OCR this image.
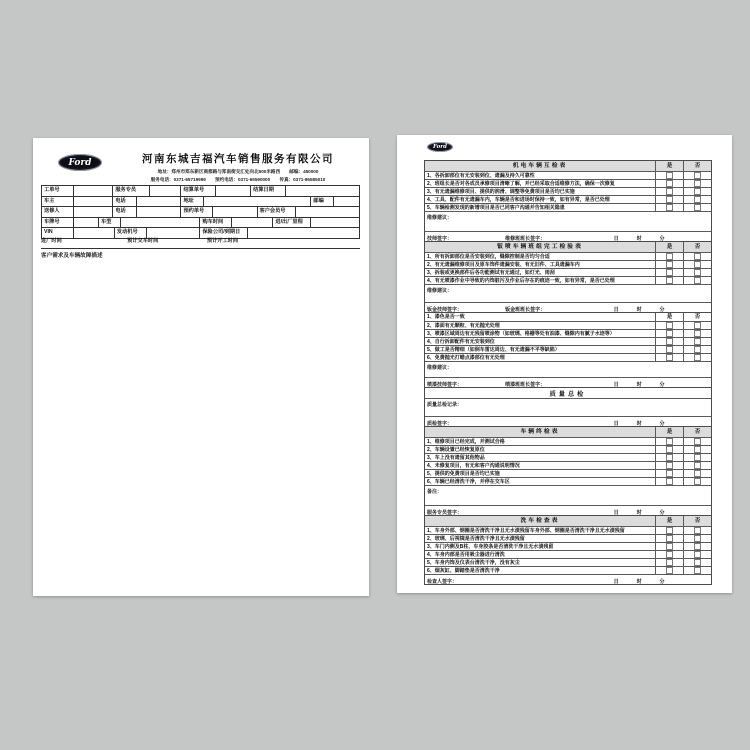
Ford	河南东城吉福汽车销售服务有限公司
地址：郑州市郑东新区商都路与郑南街交汇处向北500米路西　　邮编：450000
服务电话：0371-65719999　　预约电话：0371-65590000　　传真：0371-86585010
工单号	服务专员	结算单号	结算日期
车主	电话	地址	邮编
送修人	电话	预约单号	客户会员号
车牌号	车型	购车时间	进/出厂里程
VIN	发动机号	保险公司/到期日
进厂时间	预计交车时间	预计开工时间
客户需求及车辆故障描述
Ford
机电车辆互检表	是	否
1、各拆卸部位有无安装到位、遗漏及持久可靠性
2、班组长是否对各成员承修项目清晰了解，并已经采取合适维修方法，确保一次修复
3、有无遗漏维修项目、提供的润滑、调整等免费项目是否均已实施
4、工具、配件有无遗漏车内，车辆是否和进场时保持一致，如有异常，是否已处理
5、车辆检测发现的新增项目是否已同客户沟通并告知相关隐患
维修建议：
技师签字：	维修班班长签字：	日	时	分
钣喷车辆班组完工检验表	是	否
1、所有拆卸部位是否安装到位，缝隙控制是否均匀合适
2、有无遗漏维修项目及原车饰件遗漏安装、有无旧件、工具遗漏车内
3、拆装或更换部件后各功能测试有无通过，如灯光、雨刮
4、有无喷漆作业中导致的内饰脏污及作业后存在的痕迹一致，如有异常，是否已处理
维修建议：
钣金技师签字：	钣金班班长签字：	日	时	分
1、漆色是否一致	是	否
2、漆面有无颗粒、有无抛光处理
3、喷漆区域周边有无残留喷涂物（如玻璃、格栅等处有油漆、缝隙内有腻子水迹等）
4、自行拆卸配件有无安装到位
5、做工是否精细（如倒车雷达周边、有无遗漏不平等缺陷）
6、免费抛光打蜡点漆部位有无处理
维修建议：
喷漆技师签字：	喷漆班班长签字：	日	时	分
质量总检
质量总检记录：
质检签字：	日	时	分
车辆终检表	是	否
1、维修项目已经完成，并测试合格
2、车辆设置已经恢复原位
3、车上没有遗留其他物品
4、未修复项目，有无和客户沟通说明情况
5、提供的免费项目是否均已实施
6、车辆已经清洗干净，并停在交车区
备注：
服务专员签字：	日	时	分
洗车检查表	是	否
1、车身外部、钢圈是否清洗干净且无水渍残留车身外部、钢圈是否清洗干净且无水渍残留
2、玻璃、后视镜是否清洗干净且无水渍残留
3、车门内侧及B柱、车身胶条是否清洗干净且无水渍残留
4、车身内部是否用吸尘器进行清洗
5、车身内饰及仪表台清洗干净，没有灰尘
6、烟灰缸、脚踏垫是否清洗干净
检查人签字：	日	时	分
